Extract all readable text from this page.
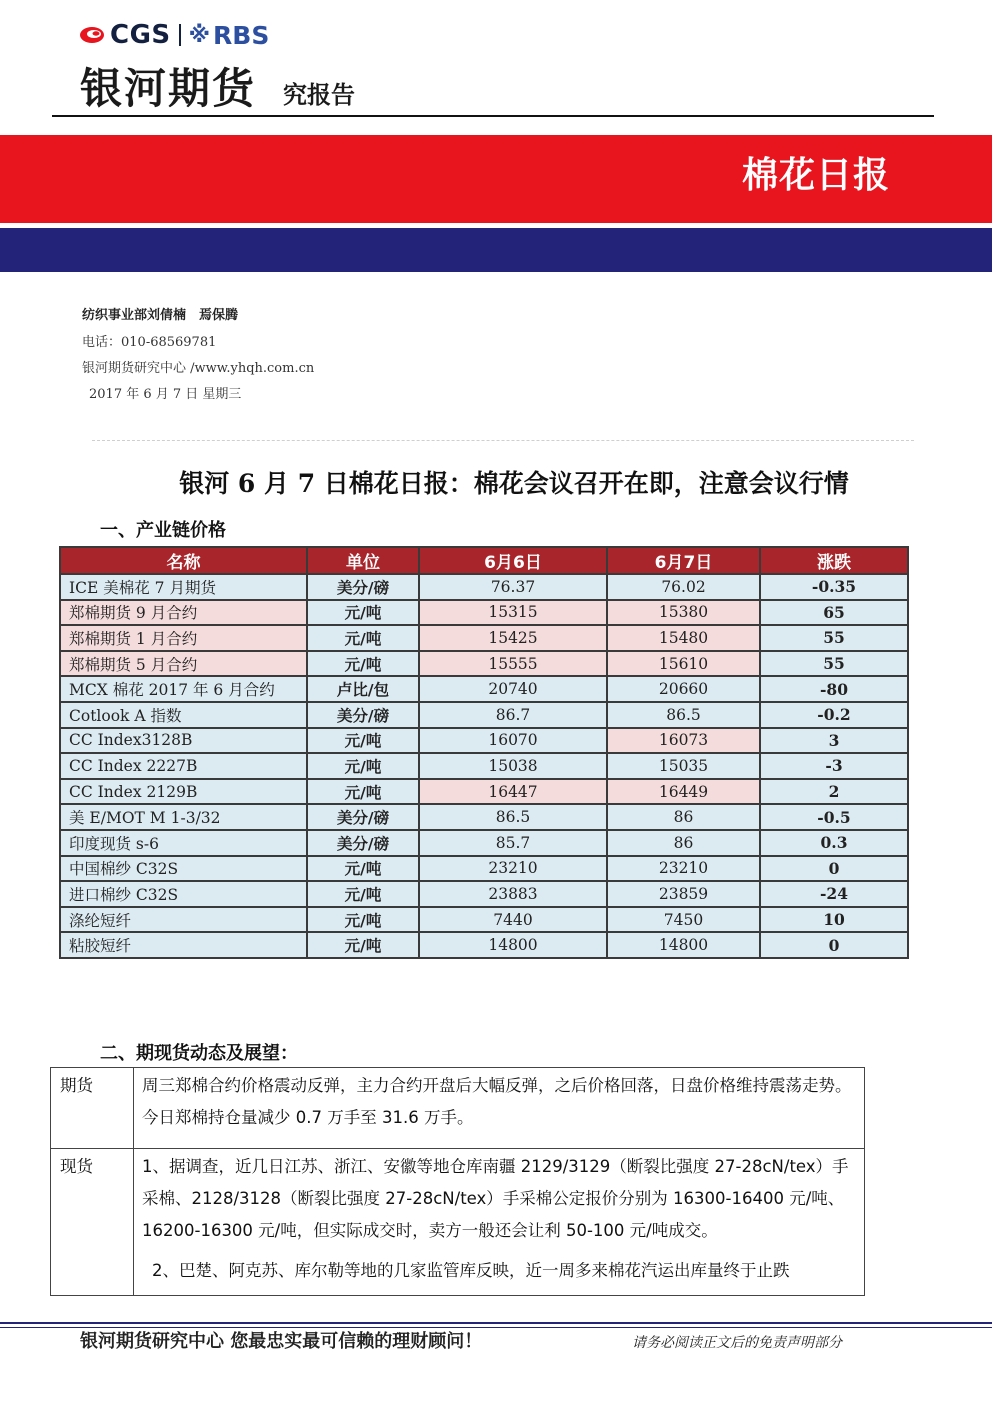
CGS ※ RBS
银河期货 究报告
棉花日报
纺织事业部刘倩楠　焉保腾
电话：010-68569781
银河期货研究中心 /www.yhqh.com.cn
2017 年 6 月 7 日 星期三
银河 6 月 7 日棉花日报：棉花会议召开在即，注意会议行情
一、产业链价格
名称	单位	6月6日	6月7日	涨跌
ICE 美棉花 7 月期货	美分/磅	76.37	76.02	-0.35
郑棉期货 9 月合约	元/吨	15315	15380	65
郑棉期货 1 月合约	元/吨	15425	15480	55
郑棉期货 5 月合约	元/吨	15555	15610	55
MCX 棉花 2017 年 6 月合约	卢比/包	20740	20660	-80
Cotlook A 指数	美分/磅	86.7	86.5	-0.2
CC Index3128B	元/吨	16070	16073	3
CC Index 2227B	元/吨	15038	15035	-3
CC Index 2129B	元/吨	16447	16449	2
美 E/MOT M 1-3/32	美分/磅	86.5	86	-0.5
印度现货 s-6	美分/磅	85.7	86	0.3
中国棉纱 C32S	元/吨	23210	23210	0
进口棉纱 C32S	元/吨	23883	23859	-24
涤纶短纤	元/吨	7440	7450	10
粘胶短纤	元/吨	14800	14800	0
二、期现货动态及展望：
期货	周三郑棉合约价格震动反弹，主力合约开盘后大幅反弹，之后价格回落，日盘价格维持震荡走势。今日郑棉持仓量减少 0.7 万手至 31.6 万手。
现货	1、据调查，近几日江苏、浙江、安徽等地仓库南疆 2129/3129（断裂比强度 27-28cN/tex）手采棉、2128/3128（断裂比强度 27-28cN/tex）手采棉公定报价分别为 16300-16400 元/吨、16200-16300 元/吨，但实际成交时，卖方一般还会让利 50-100 元/吨成交。
2、巴楚、阿克苏、库尔勒等地的几家监管库反映，近一周多来棉花汽运出库量终于止跌
银河期货研究中心 您最忠实最可信赖的理财顾问！	请务必阅读正文后的免责声明部分
